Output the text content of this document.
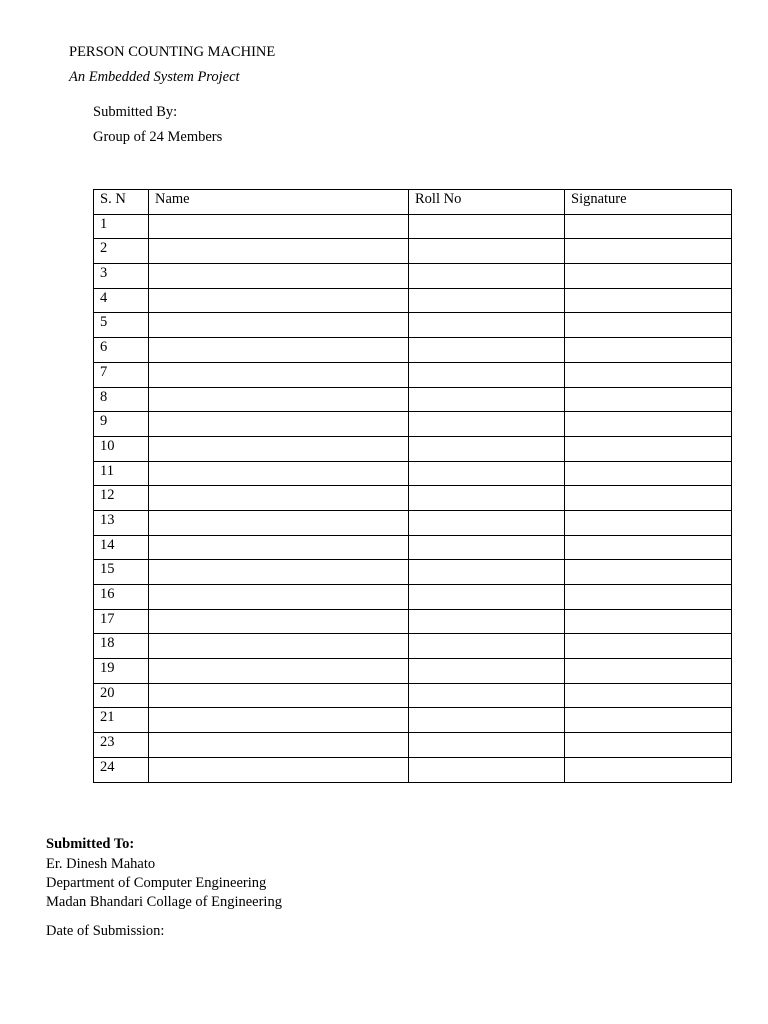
PERSON COUNTING MACHINE
An Embedded System Project
Submitted By:
Group of 24 Members
S. N	Name	Roll No	Signature
1			
2			
3			
4			
5			
6			
7			
8			
9			
10			
11			
12			
13			
14			
15			
16			
17			
18			
19			
20			
21			
23			
24			
Submitted To:
Er. Dinesh Mahato
Department of Computer Engineering
Madan Bhandari Collage of Engineering
Date of Submission:
